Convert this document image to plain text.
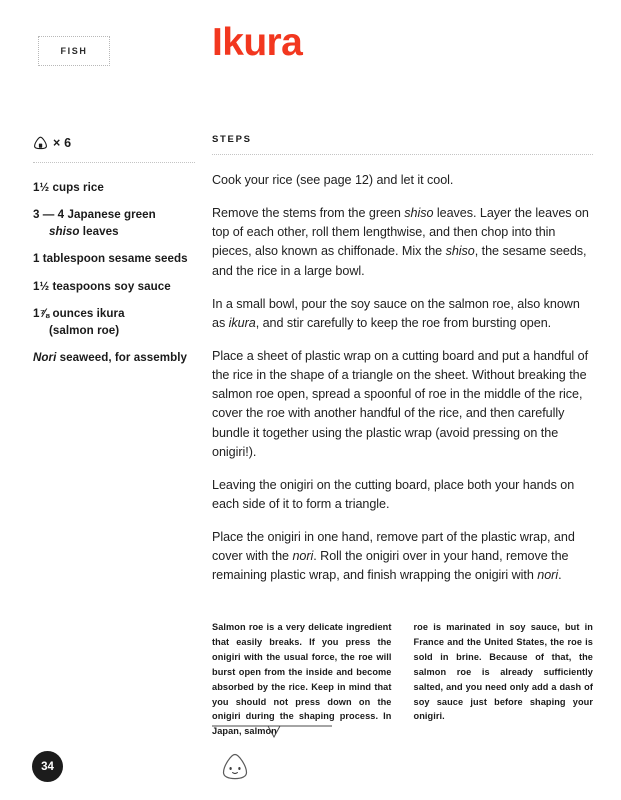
FISH	Ikura
× 6
1½ cups rice
3 — 4 Japanese green
shiso leaves
1 tablespoon sesame seeds
1½ teaspoons soy sauce
1⅞ ounces ikura
(salmon roe)
Nori seaweed, for assembly
STEPS

Cook your rice (see page 12) and let it cool.

Remove the stems from the green shiso leaves. Layer the leaves on top of each other, roll them lengthwise, and then chop into thin pieces, also known as chiffonade. Mix the shiso, the sesame seeds, and the rice in a large bowl.

In a small bowl, pour the soy sauce on the salmon roe, also known as ikura, and stir carefully to keep the roe from bursting open.

Place a sheet of plastic wrap on a cutting board and put a handful of the rice in the shape of a triangle on the sheet. Without breaking the salmon roe open, spread a spoonful of roe in the middle of the rice, cover the roe with another handful of the rice, and then carefully bundle it together using the plastic wrap (avoid pressing on the onigiri!).

Leaving the onigiri on the cutting board, place both your hands on each side of it to form a triangle.

Place the onigiri in one hand, remove part of the plastic wrap, and cover with the nori. Roll the onigiri over in your hand, remove the remaining plastic wrap, and finish wrapping the onigiri with nori.

Salmon roe is a very delicate ingredient that easily breaks. If you press the onigiri with the usual force, the roe will burst open from the inside and become absorbed by the rice. Keep in mind that you should not press down on the onigiri during the shaping process. In Japan, salmon

roe is marinated in soy sauce, but in France and the United States, the roe is sold in brine. Because of that, the salmon roe is already sufficiently salted, and you need only add a dash of soy sauce just before shaping your onigiri.

34
